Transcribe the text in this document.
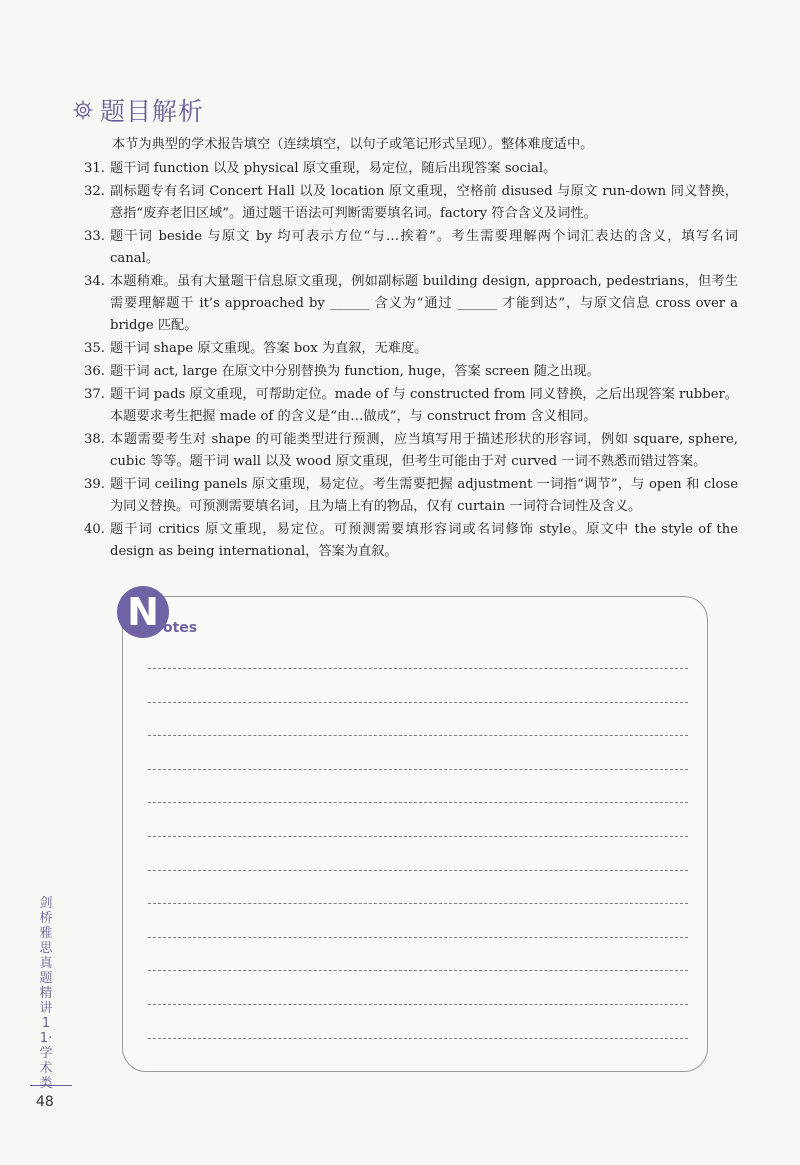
题目解析
本节为典型的学术报告填空（连续填空，以句子或笔记形式呈现）。整体难度适中。
31. 题干词 function 以及 physical 原文重现，易定位，随后出现答案 social。
32. 副标题专有名词 Concert Hall 以及 location 原文重现，空格前 disused 与原文 run-down 同义替换，意指“废弃老旧区域”。通过题干语法可判断需要填名词。factory 符合含义及词性。
33. 题干词 beside 与原文 by 均可表示方位“与…挨着”。考生需要理解两个词汇表达的含义，填写名词 canal。
34. 本题稍难。虽有大量题干信息原文重现，例如副标题 building design, approach, pedestrians，但考生需要理解题干 it’s approached by ______ 含义为“通过 ______ 才能到达”，与原文信息 cross over a bridge 匹配。
35. 题干词 shape 原文重现。答案 box 为直叙，无难度。
36. 题干词 act, large 在原文中分别替换为 function, huge，答案 screen 随之出现。
37. 题干词 pads 原文重现，可帮助定位。made of 与 constructed from 同义替换，之后出现答案 rubber。本题要求考生把握 made of 的含义是“由…做成”，与 construct from 含义相同。
38. 本题需要考生对 shape 的可能类型进行预测，应当填写用于描述形状的形容词，例如 square, sphere, cubic 等等。题干词 wall 以及 wood 原文重现，但考生可能由于对 curved 一词不熟悉而错过答案。
39. 题干词 ceiling panels 原文重现，易定位。考生需要把握 adjustment 一词指“调节”，与 open 和 close 为同义替换。可预测需要填名词，且为墙上有的物品，仅有 curtain 一词符合词性及含义。
40. 题干词 critics 原文重现，易定位。可预测需要填形容词或名词修饰 style。原文中 the style of the design as being international，答案为直叙。
N otes
剑桥雅思真题精讲11·学术类
48
